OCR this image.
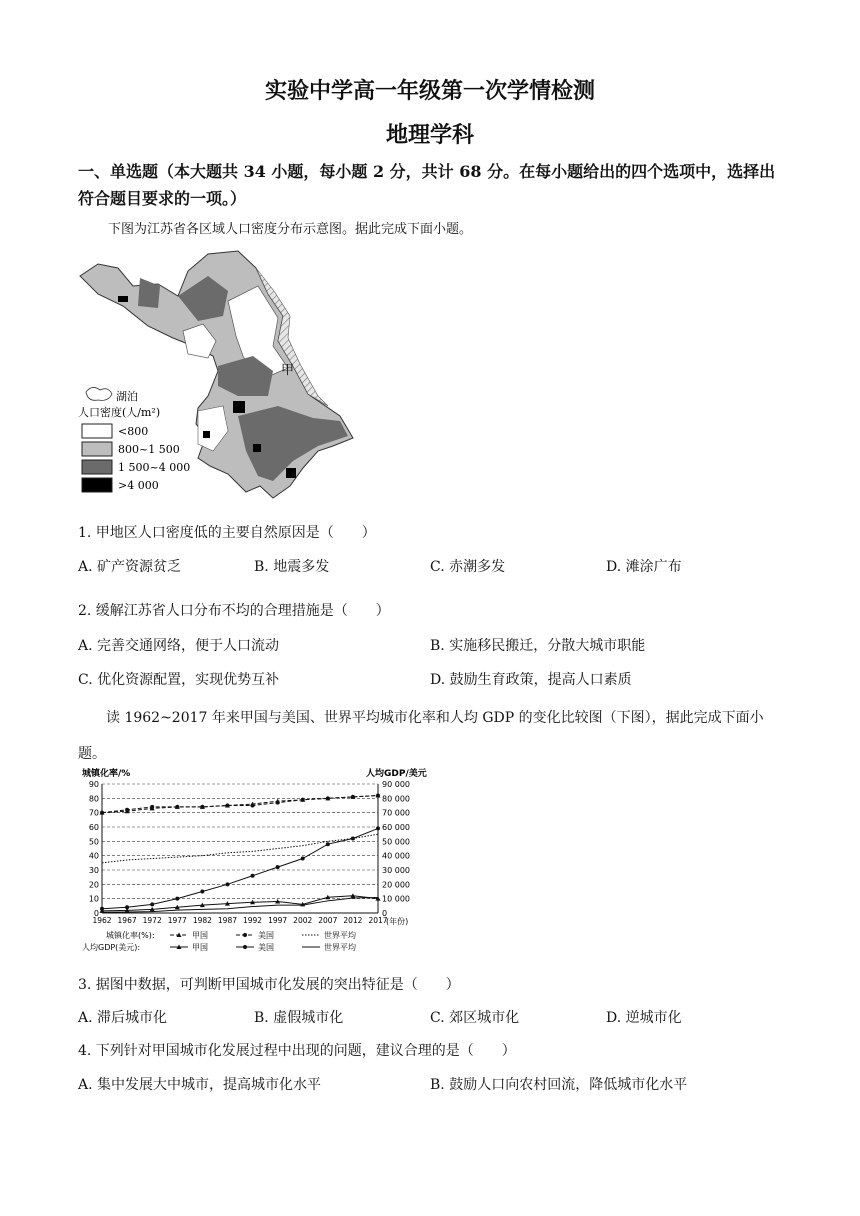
实验中学高一年级第一次学情检测
地理学科
一、单选题（本大题共 34 小题，每小题 2 分，共计 68 分。在每小题给出的四个选项中，选择出符合题目要求的一项。）
下图为江苏省各区域人口密度分布示意图。据此完成下面小题。
甲
湖泊
人口密度(人/m²)
<800
800~1 500
1 500~4 000
>4 000
1. 甲地区人口密度低的主要自然原因是（　　）
A. 矿产资源贫乏	B. 地震多发	C. 赤潮多发	D. 滩涂广布
2. 缓解江苏省人口分布不均的合理措施是（　　）
A. 完善交通网络，便于人口流动	B. 实施移民搬迁，分散大城市职能
C. 优化资源配置，实现优势互补	D. 鼓励生育政策，提高人口素质
读 1962~2017 年来甲国与美国、世界平均城市化率和人均 GDP 的变化比较图（下图），据此完成下面小题。
城镇化率/%	人均GDP/美元
(年份)
城镇化率(%):
人均GDP(美元):
0
10
20
30
40
50
60
70
80
90
0
10 000
20 000
30 000
40 000
50 000
60 000
70 000
80 000
90 000
1962 1967 1972 1977 1982 1987 1992 1997 2002 2007 2012 2017
甲国	美国	世界平均
甲国	美国	世界平均
3. 据图中数据，可判断甲国城市化发展的突出特征是（　　）
A. 滞后城市化	B. 虚假城市化	C. 郊区城市化	D. 逆城市化
4. 下列针对甲国城市化发展过程中出现的问题，建议合理的是（　　）
A. 集中发展大中城市，提高城市化水平	B. 鼓励人口向农村回流，降低城市化水平
